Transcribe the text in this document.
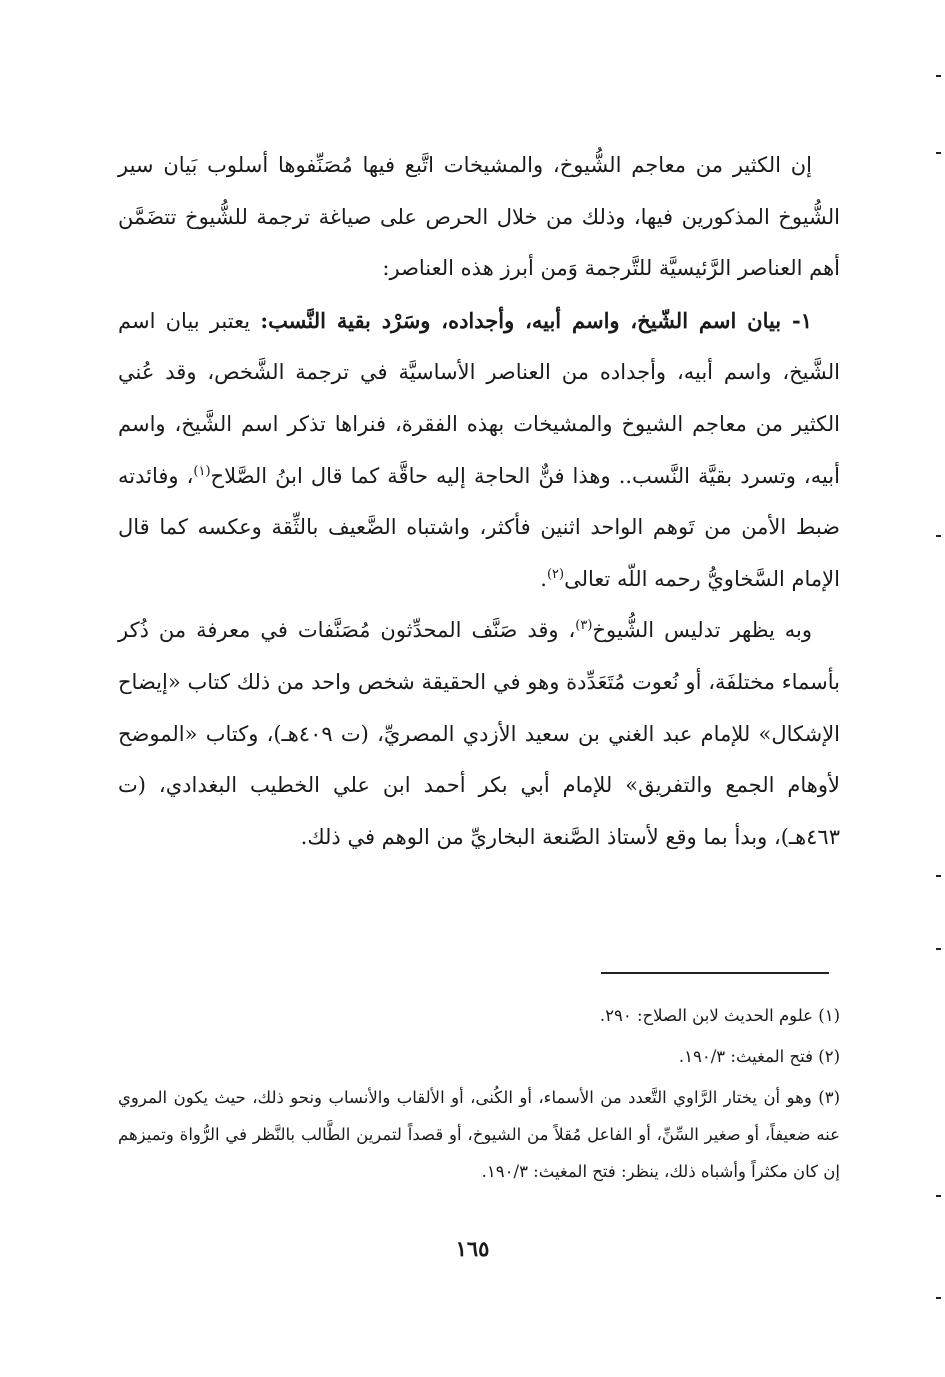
إن الكثير من معاجم الشُّيوخ، والمشيخات اتَّبع فيها مُصَنِّفوها أسلوب بَيان سير الشُّيوخ المذكورين فيها، وذلك من خلال الحرص على صياغة ترجمة للشُّيوخ تتضَمَّن أهم العناصر الرَّئيسيَّة للتَّرجمة وَمن أبرز هذه العناصر:

١- بيان اسم الشّيخ، واسم أبيه، وأجداده، وسَرْد بقية النَّسب: يعتبر بيان اسم الشَّيخ، واسم أبيه، وأجداده من العناصر الأساسيَّة في ترجمة الشَّخص، وقد عُني الكثير من معاجم الشيوخ والمشيخات بهذه الفقرة، فنراها تذكر اسم الشَّيخ، واسم أبيه، وتسرد بقيَّة النَّسب.. وهذا فنٌّ الحاجة إليه حاقَّة كما قال ابنُ الصَّلاح$^{(١)}$، وفائدته ضبط الأمن من تَوهم الواحد اثنين فأكثر، واشتباه الضَّعيف بالثِّقة وعكسه كما قال الإمام السَّخاويُّ رحمه اللّه تعالى$^{(٢)}$.

وبه يظهر تدليس الشُّيوخ$^{(٣)}$، وقد صَنَّف المحدِّثون مُصَنَّفات في معرفة من ذُكر بأسماء مختلفَة، أو نُعوت مُتَعَدِّدة وهو في الحقيقة شخص واحد من ذلك كتاب «إيضاح الإشكال» للإمام عبد الغني بن سعيد الأزدي المصريِّ، (ت ٤٠٩هـ)، وكتاب «الموضح لأوهام الجمع والتفريق» للإمام أبي بكر أحمد ابن علي الخطيب البغدادي، (ت ٤٦٣هـ)، وبدأ بما وقع لأستاذ الصَّنعة البخاريِّ من الوهم في ذلك.

(١) علوم الحديث لابن الصلاح: ٢٩٠.

(٢) فتح المغيث: ١٩٠/٣.

(٣) وهو أن يختار الرَّاوي التَّعدد من الأسماء، أو الكُنى، أو الألقاب والأنساب ونحو ذلك، حيث يكون المروي عنه ضعيفاً، أو صغير السِّنِّ، أو الفاعل مُقلاً من الشيوخ، أو قصداً لتمرين الطَّالب بالنَّظر في الرُّواة وتميزهم إن كان مكثراً وأشباه ذلك، ينظر: فتح المغيث: ١٩٠/٣.

١٦٥
